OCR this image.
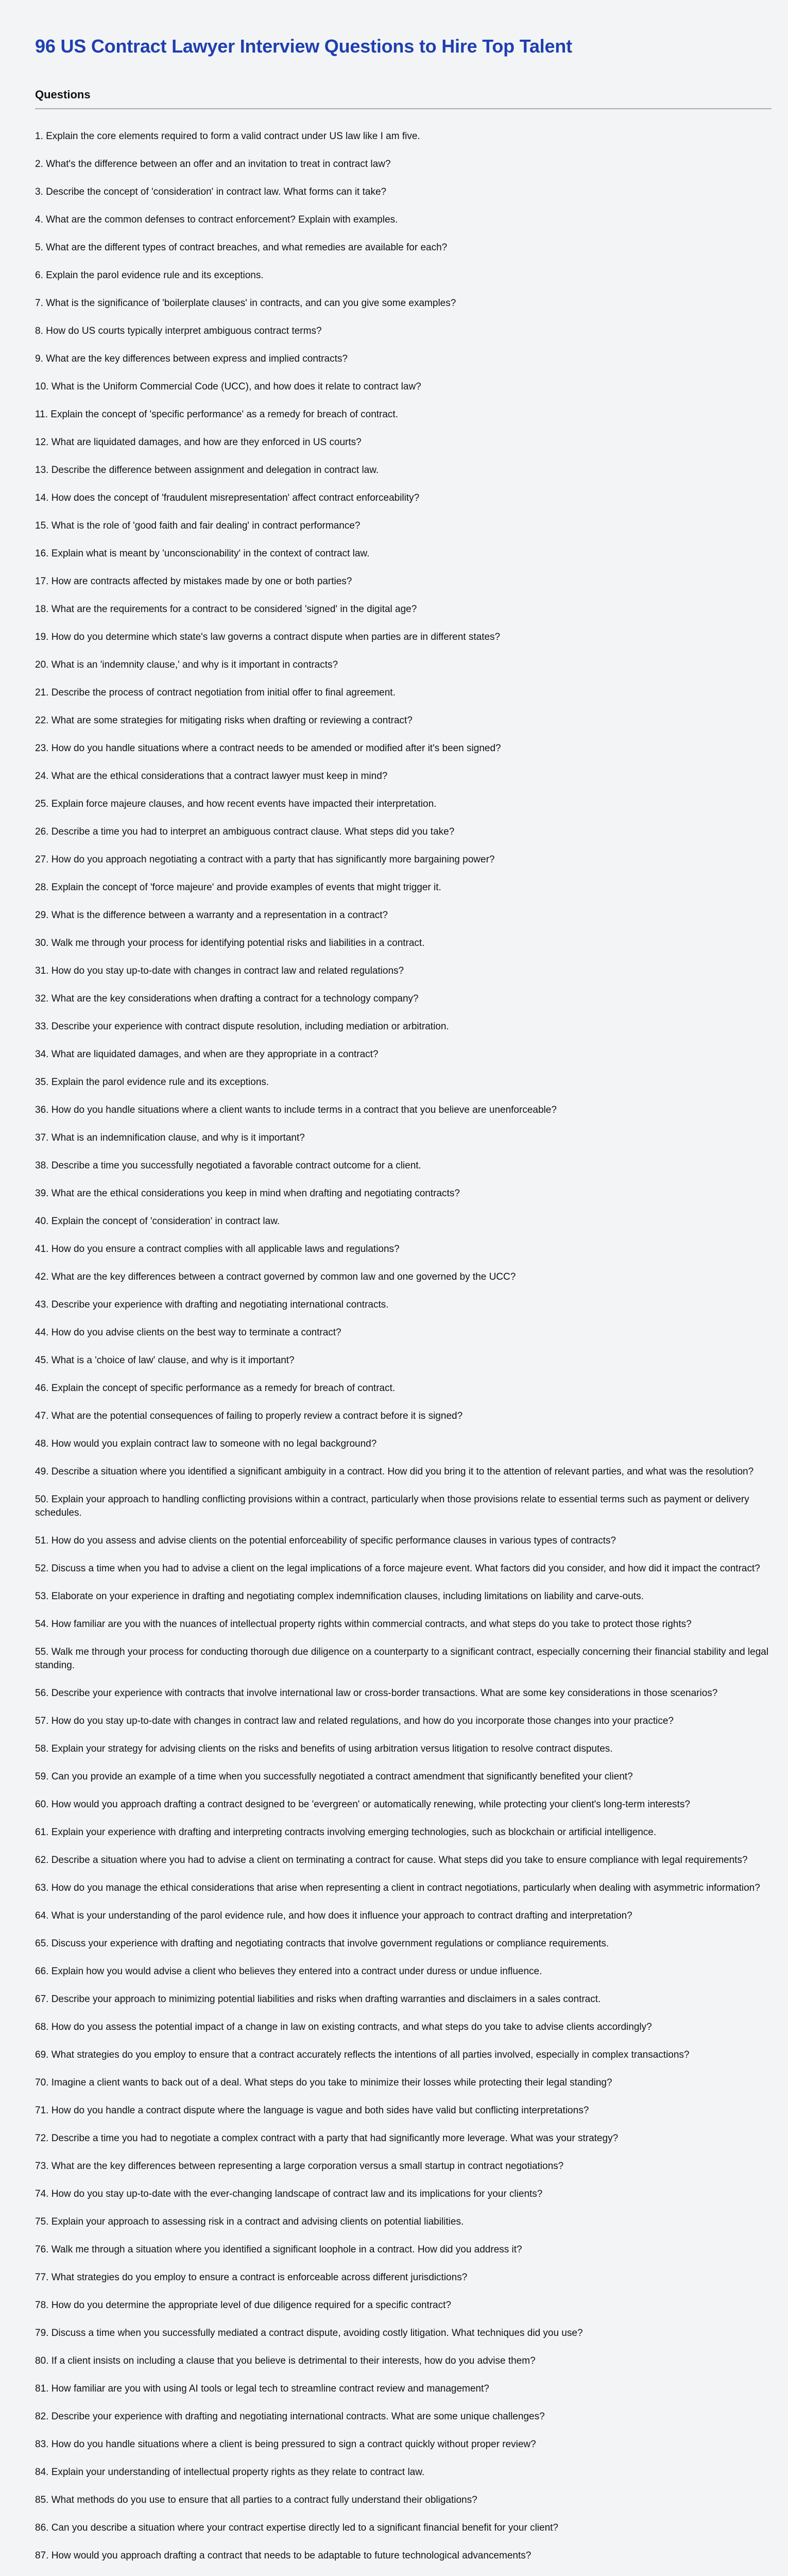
96 US Contract Lawyer Interview Questions to Hire Top Talent
Questions
1. Explain the core elements required to form a valid contract under US law like I am five.
2. What's the difference between an offer and an invitation to treat in contract law?
3. Describe the concept of 'consideration' in contract law. What forms can it take?
4. What are the common defenses to contract enforcement? Explain with examples.
5. What are the different types of contract breaches, and what remedies are available for each?
6. Explain the parol evidence rule and its exceptions.
7. What is the significance of 'boilerplate clauses' in contracts, and can you give some examples?
8. How do US courts typically interpret ambiguous contract terms?
9. What are the key differences between express and implied contracts?
10. What is the Uniform Commercial Code (UCC), and how does it relate to contract law?
11. Explain the concept of 'specific performance' as a remedy for breach of contract.
12. What are liquidated damages, and how are they enforced in US courts?
13. Describe the difference between assignment and delegation in contract law.
14. How does the concept of 'fraudulent misrepresentation' affect contract enforceability?
15. What is the role of 'good faith and fair dealing' in contract performance?
16. Explain what is meant by 'unconscionability' in the context of contract law.
17. How are contracts affected by mistakes made by one or both parties?
18. What are the requirements for a contract to be considered 'signed' in the digital age?
19. How do you determine which state's law governs a contract dispute when parties are in different states?
20. What is an 'indemnity clause,' and why is it important in contracts?
21. Describe the process of contract negotiation from initial offer to final agreement.
22. What are some strategies for mitigating risks when drafting or reviewing a contract?
23. How do you handle situations where a contract needs to be amended or modified after it's been signed?
24. What are the ethical considerations that a contract lawyer must keep in mind?
25. Explain force majeure clauses, and how recent events have impacted their interpretation.
26. Describe a time you had to interpret an ambiguous contract clause. What steps did you take?
27. How do you approach negotiating a contract with a party that has significantly more bargaining power?
28. Explain the concept of 'force majeure' and provide examples of events that might trigger it.
29. What is the difference between a warranty and a representation in a contract?
30. Walk me through your process for identifying potential risks and liabilities in a contract.
31. How do you stay up-to-date with changes in contract law and related regulations?
32. What are the key considerations when drafting a contract for a technology company?
33. Describe your experience with contract dispute resolution, including mediation or arbitration.
34. What are liquidated damages, and when are they appropriate in a contract?
35. Explain the parol evidence rule and its exceptions.
36. How do you handle situations where a client wants to include terms in a contract that you believe are unenforceable?
37. What is an indemnification clause, and why is it important?
38. Describe a time you successfully negotiated a favorable contract outcome for a client.
39. What are the ethical considerations you keep in mind when drafting and negotiating contracts?
40. Explain the concept of 'consideration' in contract law.
41. How do you ensure a contract complies with all applicable laws and regulations?
42. What are the key differences between a contract governed by common law and one governed by the UCC?
43. Describe your experience with drafting and negotiating international contracts.
44. How do you advise clients on the best way to terminate a contract?
45. What is a 'choice of law' clause, and why is it important?
46. Explain the concept of specific performance as a remedy for breach of contract.
47. What are the potential consequences of failing to properly review a contract before it is signed?
48. How would you explain contract law to someone with no legal background?
49. Describe a situation where you identified a significant ambiguity in a contract. How did you bring it to the attention of relevant parties, and what was the resolution?
50. Explain your approach to handling conflicting provisions within a contract, particularly when those provisions relate to essential terms such as payment or delivery schedules.
51. How do you assess and advise clients on the potential enforceability of specific performance clauses in various types of contracts?
52. Discuss a time when you had to advise a client on the legal implications of a force majeure event. What factors did you consider, and how did it impact the contract?
53. Elaborate on your experience in drafting and negotiating complex indemnification clauses, including limitations on liability and carve-outs.
54. How familiar are you with the nuances of intellectual property rights within commercial contracts, and what steps do you take to protect those rights?
55. Walk me through your process for conducting thorough due diligence on a counterparty to a significant contract, especially concerning their financial stability and legal standing.
56. Describe your experience with contracts that involve international law or cross-border transactions. What are some key considerations in those scenarios?
57. How do you stay up-to-date with changes in contract law and related regulations, and how do you incorporate those changes into your practice?
58. Explain your strategy for advising clients on the risks and benefits of using arbitration versus litigation to resolve contract disputes.
59. Can you provide an example of a time when you successfully negotiated a contract amendment that significantly benefited your client?
60. How would you approach drafting a contract designed to be 'evergreen' or automatically renewing, while protecting your client's long-term interests?
61. Explain your experience with drafting and interpreting contracts involving emerging technologies, such as blockchain or artificial intelligence.
62. Describe a situation where you had to advise a client on terminating a contract for cause. What steps did you take to ensure compliance with legal requirements?
63. How do you manage the ethical considerations that arise when representing a client in contract negotiations, particularly when dealing with asymmetric information?
64. What is your understanding of the parol evidence rule, and how does it influence your approach to contract drafting and interpretation?
65. Discuss your experience with drafting and negotiating contracts that involve government regulations or compliance requirements.
66. Explain how you would advise a client who believes they entered into a contract under duress or undue influence.
67. Describe your approach to minimizing potential liabilities and risks when drafting warranties and disclaimers in a sales contract.
68. How do you assess the potential impact of a change in law on existing contracts, and what steps do you take to advise clients accordingly?
69. What strategies do you employ to ensure that a contract accurately reflects the intentions of all parties involved, especially in complex transactions?
70. Imagine a client wants to back out of a deal. What steps do you take to minimize their losses while protecting their legal standing?
71. How do you handle a contract dispute where the language is vague and both sides have valid but conflicting interpretations?
72. Describe a time you had to negotiate a complex contract with a party that had significantly more leverage. What was your strategy?
73. What are the key differences between representing a large corporation versus a small startup in contract negotiations?
74. How do you stay up-to-date with the ever-changing landscape of contract law and its implications for your clients?
75. Explain your approach to assessing risk in a contract and advising clients on potential liabilities.
76. Walk me through a situation where you identified a significant loophole in a contract. How did you address it?
77. What strategies do you employ to ensure a contract is enforceable across different jurisdictions?
78. How do you determine the appropriate level of due diligence required for a specific contract?
79. Discuss a time when you successfully mediated a contract dispute, avoiding costly litigation. What techniques did you use?
80. If a client insists on including a clause that you believe is detrimental to their interests, how do you advise them?
81. How familiar are you with using AI tools or legal tech to streamline contract review and management?
82. Describe your experience with drafting and negotiating international contracts. What are some unique challenges?
83. How do you handle situations where a client is being pressured to sign a contract quickly without proper review?
84. Explain your understanding of intellectual property rights as they relate to contract law.
85. What methods do you use to ensure that all parties to a contract fully understand their obligations?
86. Can you describe a situation where your contract expertise directly led to a significant financial benefit for your client?
87. How would you approach drafting a contract that needs to be adaptable to future technological advancements?
